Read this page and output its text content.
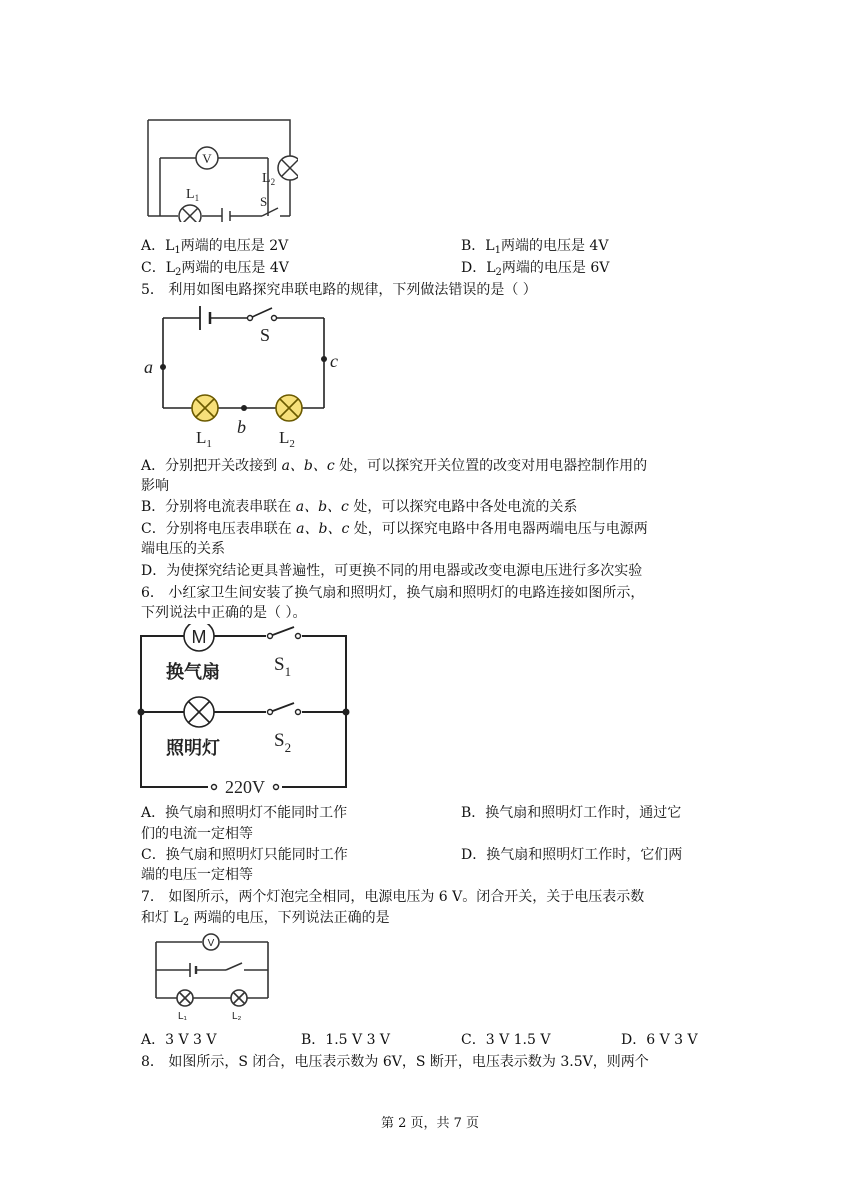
V
$L_1$
$L_2$
S
A．$L_1$两端的电压是 2V	B．$L_1$两端的电压是 4V
C．$L_2$两端的电压是 4V	D．$L_2$两端的电压是 6V
5． 利用如图电路探究串联电路的规律，下列做法错误的是（ ）
S
a	c
b
$L_1$	$L_2$
A．分别把开关改接到 a、b、c 处，可以探究开关位置的改变对用电器控制作用的
影响
B．分别将电流表串联在 a、b、c 处，可以探究电路中各处电流的关系
C．分别将电压表串联在 a、b、c 处，可以探究电路中各用电器两端电压与电源两
端电压的关系
D．为使探究结论更具普遍性，可更换不同的用电器或改变电源电压进行多次实验
6． 小红家卫生间安装了换气扇和照明灯，换气扇和照明灯的电路连接如图所示，
下列说法中正确的是（ ）。
M
220V
换气扇
照明灯
$S_1$
$S_2$
A．换气扇和照明灯不能同时工作	B．换气扇和照明灯工作时，通过它
们的电流一定相等
C．换气扇和照明灯只能同时工作	D．换气扇和照明灯工作时，它们两
端的电压一定相等
7． 如图所示，两个灯泡完全相同，电源电压为 6 V。闭合开关，关于电压表示数
和灯 $L_2$ 两端的电压，下列说法正确的是
V
L₁	L₂
A．3 V 3 V	B．1.5 V 3 V	C．3 V 1.5 V	D．6 V 3 V
8． 如图所示，S 闭合，电压表示数为 6V，S 断开，电压表示数为 3.5V，则两个
第 2 页，共 7 页
